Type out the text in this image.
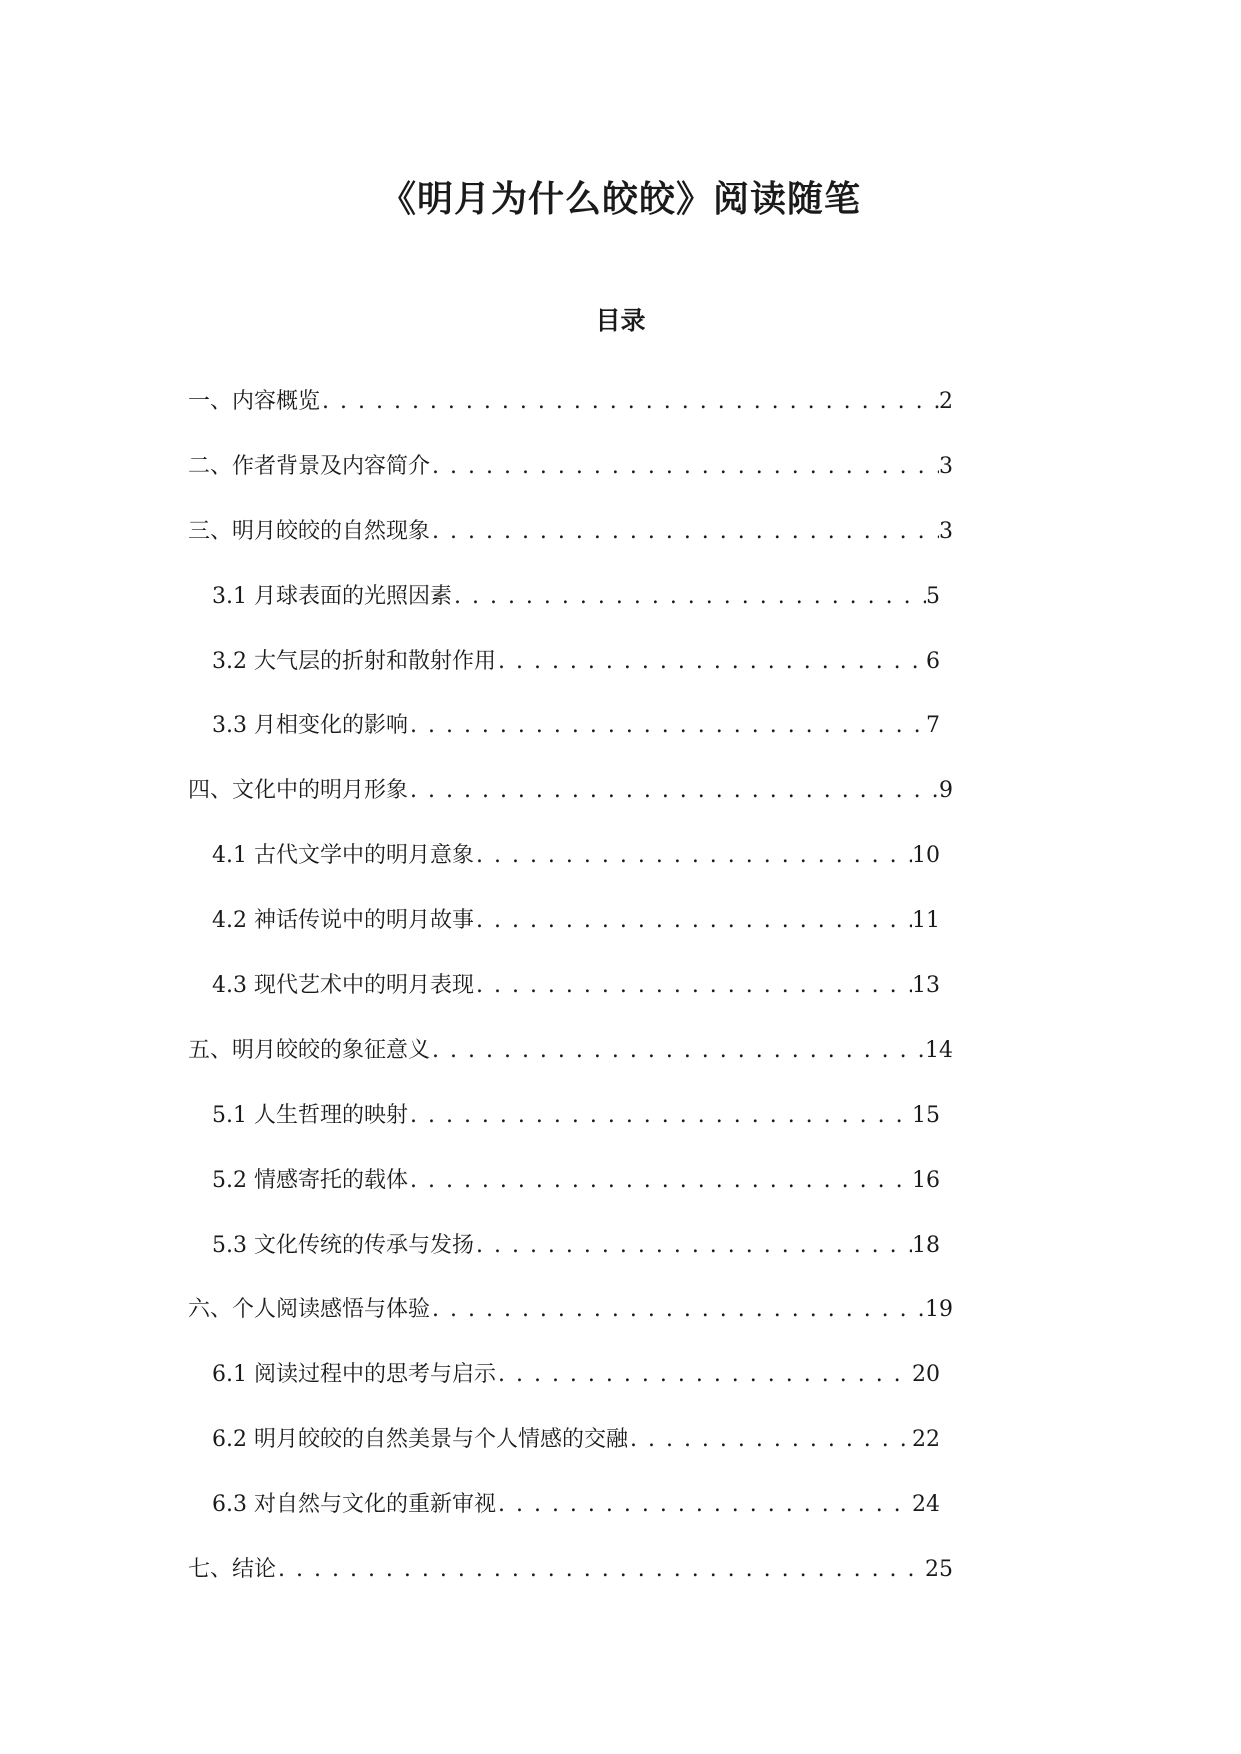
《明月为什么皎皎》阅读随笔
目录
一、内容概览 . . .	2
二、作者背景及内容简介 . . .	3
三、明月皎皎的自然现象 . . .	3
3.1 月球表面的光照因素 . . .	5
3.2 大气层的折射和散射作用 . . .	6
3.3 月相变化的影响 . . .	7
四、文化中的明月形象 . . .	9
4.1 古代文学中的明月意象 . . .	10
4.2 神话传说中的明月故事 . . .	11
4.3 现代艺术中的明月表现 . . .	13
五、明月皎皎的象征意义 . . .	14
5.1 人生哲理的映射 . . .	15
5.2 情感寄托的载体 . . .	16
5.3 文化传统的传承与发扬 . . .	18
六、个人阅读感悟与体验 . . .	19
6.1 阅读过程中的思考与启示 . . .	20
6.2 明月皎皎的自然美景与个人情感的交融 . . .	22
6.3 对自然与文化的重新审视 . . .	24
七、结论 . . .	25
